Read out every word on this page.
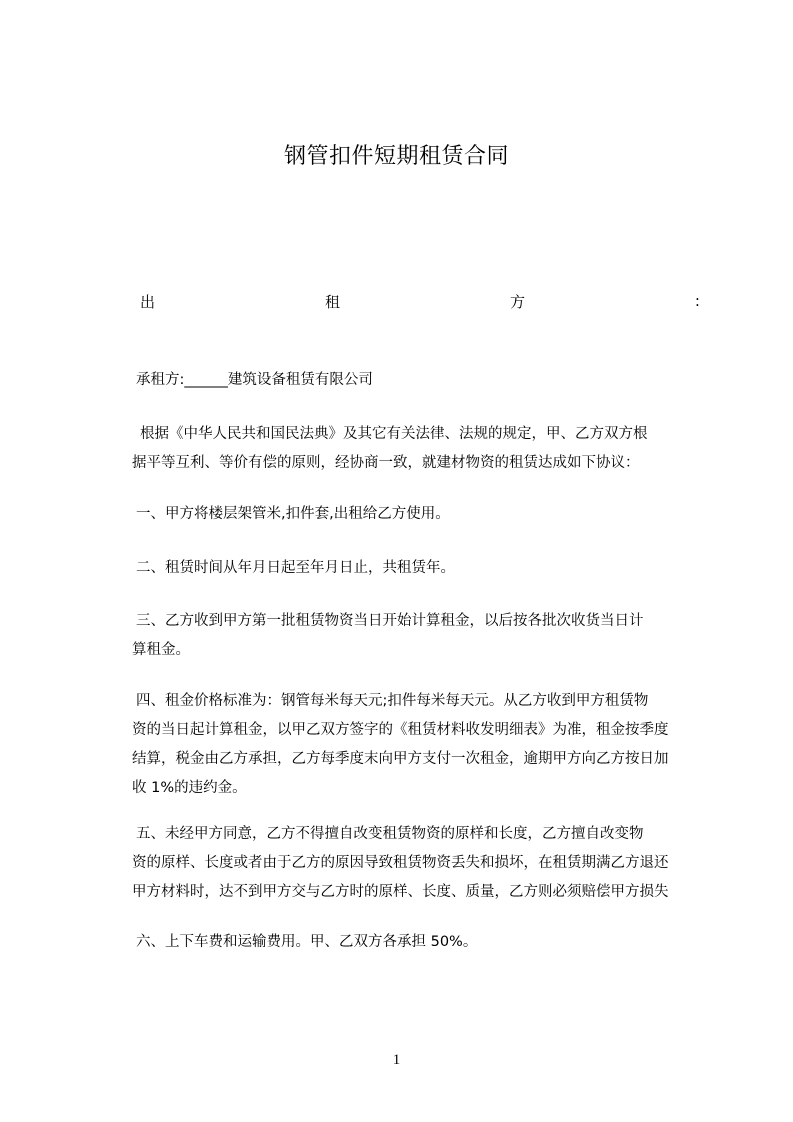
钢管扣件短期租赁合同
出	租	方	:

承租方:______建筑设备租赁有限公司

根据《中华人民共和国民法典》及其它有关法律、法规的规定，甲、乙方双方根
据平等互利、等价有偿的原则，经协商一致，就建材物资的租赁达成如下协议：

一、甲方将楼层架管米,扣件套,出租给乙方使用。

二、租赁时间从年月日起至年月日止，共租赁年。

三、乙方收到甲方第一批租赁物资当日开始计算租金，以后按各批次收货当日计
算租金。

四、租金价格标准为：钢管每米每天元;扣件每米每天元。从乙方收到甲方租赁物
资的当日起计算租金，以甲乙双方签字的《租赁材料收发明细表》为准，租金按季度
结算，税金由乙方承担，乙方每季度末向甲方支付一次租金，逾期甲方向乙方按日加
收 1%的违约金。

五、未经甲方同意，乙方不得擅自改变租赁物资的原样和长度，乙方擅自改变物
资的原样、长度或者由于乙方的原因导致租赁物资丢失和损坏，在租赁期满乙方退还
甲方材料时，达不到甲方交与乙方时的原样、长度、质量，乙方则必须赔偿甲方损失

六、上下车费和运输费用。甲、乙双方各承担 50%。

1
